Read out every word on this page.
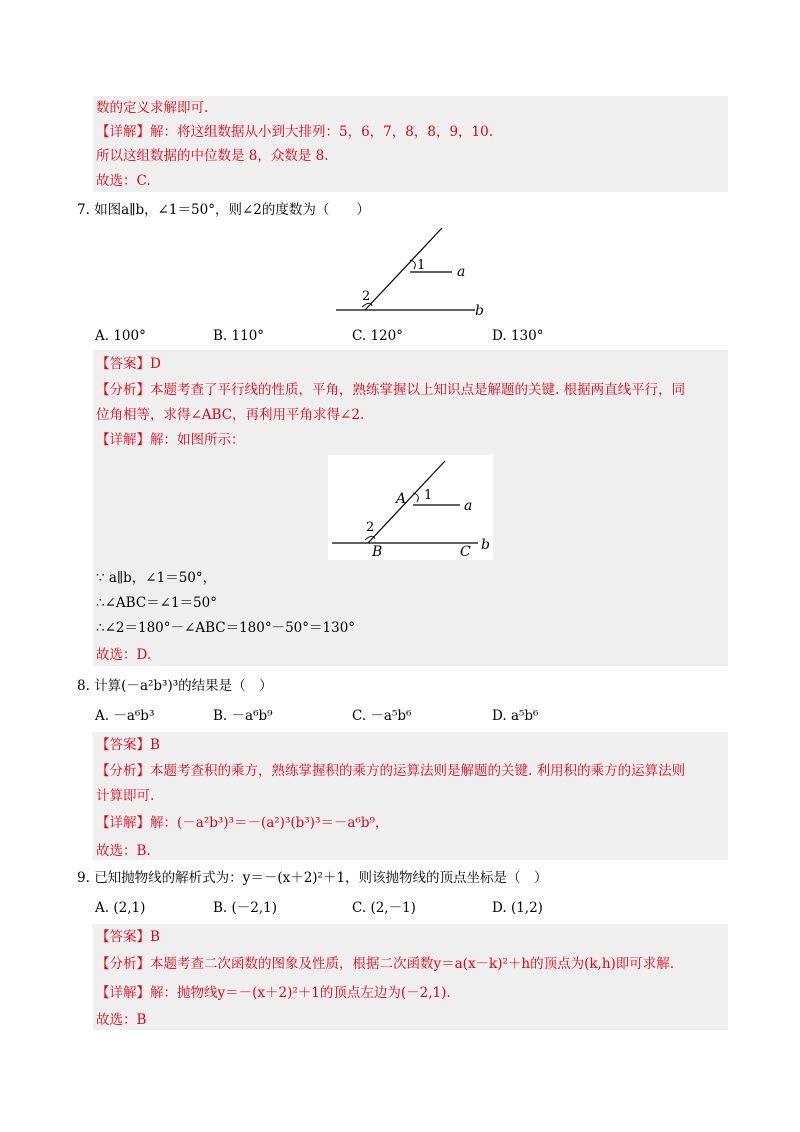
数的定义求解即可.
【详解】解：将这组数据从小到大排列：5，6，7，8，8，9，10.
所以这组数据的中位数是 8，众数是 8.
故选：C.
7. 如图a∥b，∠1＝50°，则∠2的度数为（　　）
1
2
a
b
A. 100°	B. 110°	C. 120°	D. 130°
【答案】D
【分析】本题考查了平行线的性质，平角，熟练掌握以上知识点是解题的关键. 根据两直线平行，同
位角相等，求得∠ABC，再利用平角求得∠2.
【详解】解：如图所示：
A 1
2
a
B	C b
∵ a∥b，∠1＝50°，
∴∠ABC＝∠1＝50°
∴∠2＝180°－∠ABC＝180°－50°＝130°
故选：D.
8. 计算(－a²b³)³的结果是（　）
A. －a⁶b³	B. －a⁶b⁹	C. －a⁵b⁶	D. a⁵b⁶
【答案】B
【分析】本题考查积的乘方，熟练掌握积的乘方的运算法则是解题的关键. 利用积的乘方的运算法则
计算即可.
【详解】解：(－a²b³)³＝－(a²)³(b³)³＝－a⁶b⁹，
故选：B.
9. 已知抛物线的解析式为：y＝－(x＋2)²＋1，则该抛物线的顶点坐标是（　）
A. (2,1)	B. (－2,1)	C. (2,－1)	D. (1,2)
【答案】B
【分析】本题考查二次函数的图象及性质，根据二次函数y＝a(x－k)²＋h的顶点为(k,h)即可求解.
【详解】解：抛物线y＝－(x＋2)²＋1的顶点左边为(－2,1).
故选：B
